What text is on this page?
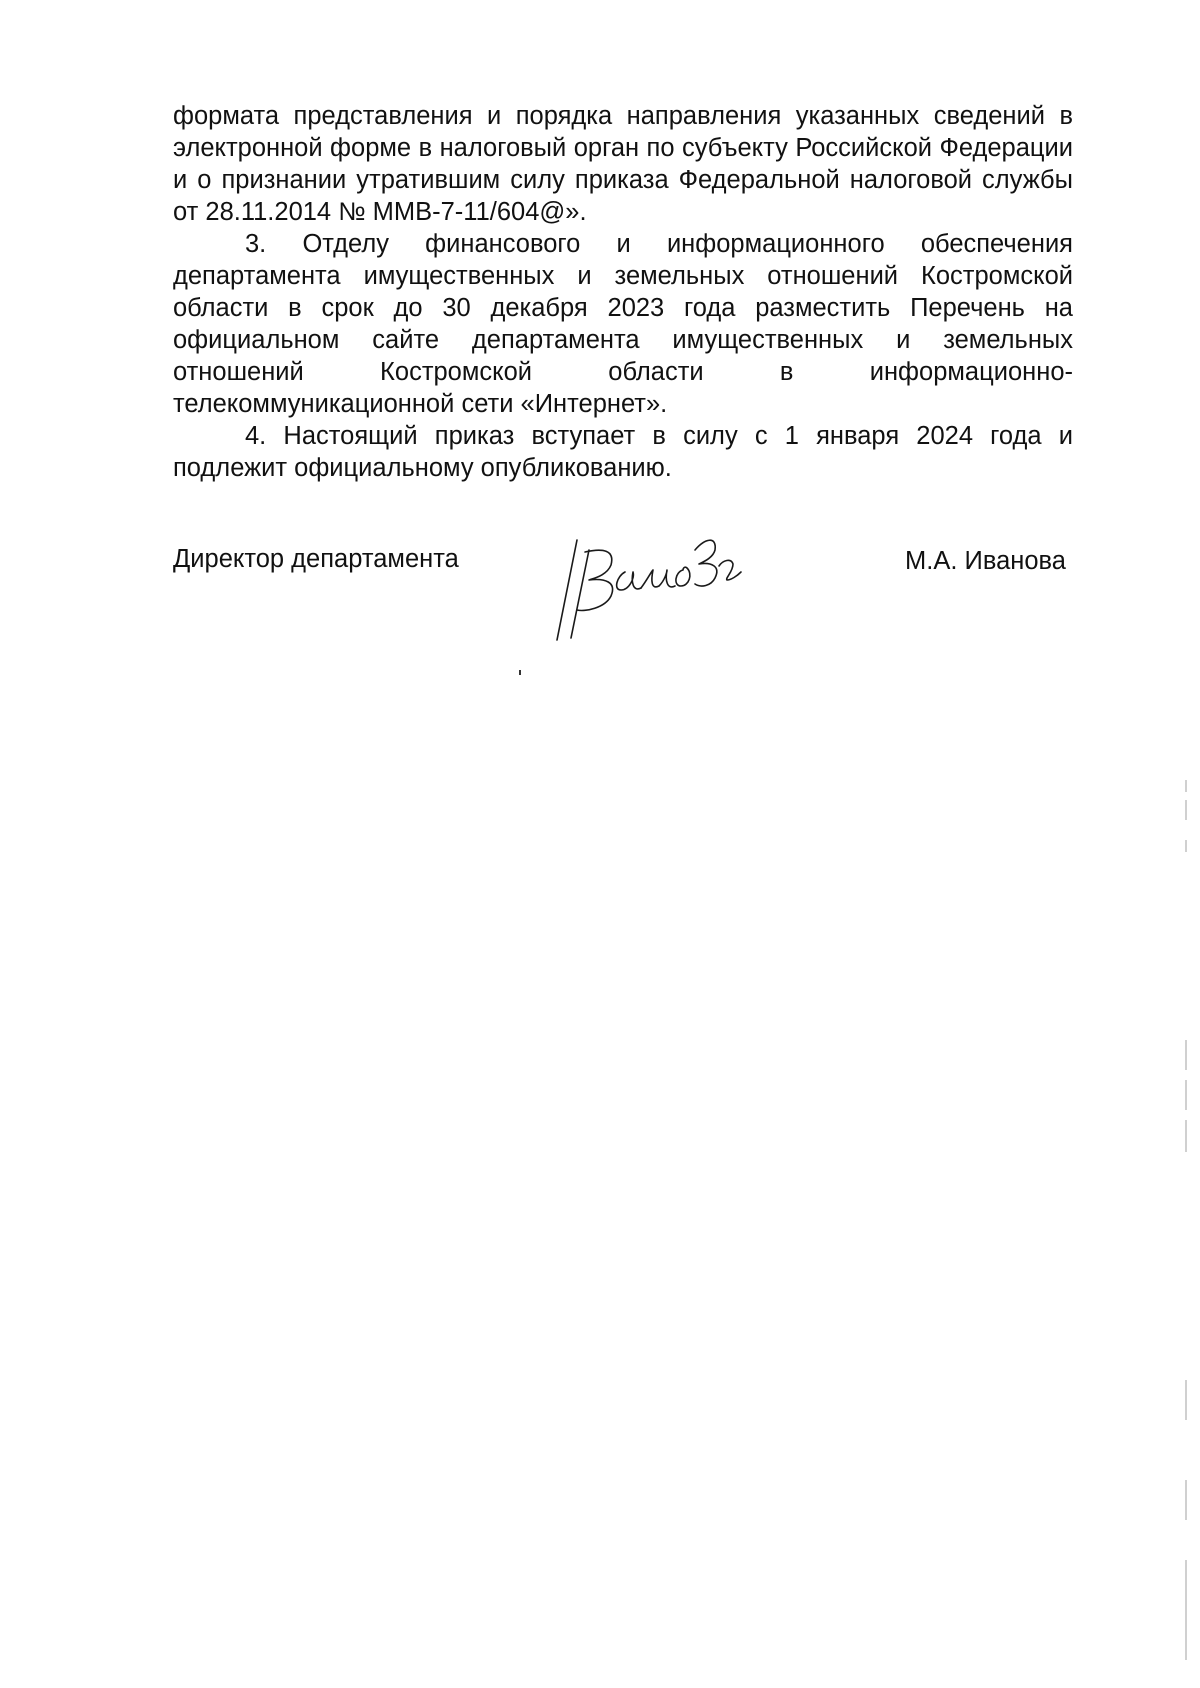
формата представления и порядка направления указанных сведений в электронной форме в налоговый орган по субъекту Российской Федерации и о признании утратившим силу приказа Федеральной налоговой службы от 28.11.2014 № ММВ-7-11/604@».

3. Отделу финансового и информационного обеспечения департамента имущественных и земельных отношений Костромской области в срок до 30 декабря 2023 года разместить Перечень на официальном сайте департамента имущественных и земельных отношений Костромской области в информационно-телекоммуникационной сети «Интернет».

4. Настоящий приказ вступает в силу с 1 января 2024 года и подлежит официальному опубликованию.

Директор департамента	М.А. Иванова
